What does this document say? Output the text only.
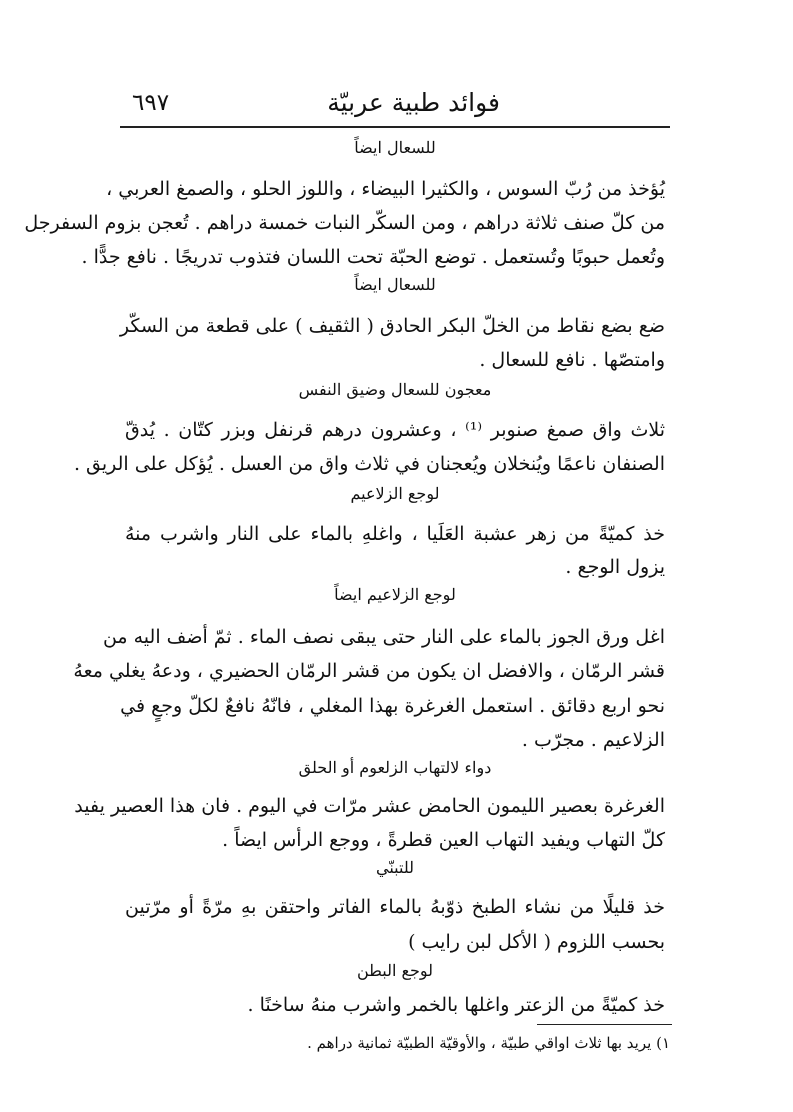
فوائد طبية عربيّة
٦٩٧
للسعال ايضاً
يُؤخذ من رُبّ السوس ، والكثيرا البيضاء ، واللوز الحلو ، والصمغ العربي ،
من كلّ صنف ثلاثة دراهم ، ومن السكّر النبات خمسة دراهم . تُعجن بزوم السفرجل
وتُعمل حبوبًا وتُستعمل . توضع الحبّة تحت اللسان فتذوب تدريجًا . نافع جدًّا .
للسعال ايضاً
ضع بضع نقاط من الخلّ البكر الحادق ( الثقيف ) على قطعة من السكّر
وامتصّها . نافع للسعال .
معجون للسعال وضيق النفس
ثلاث واق صمغ صنوبر ⁽¹⁾ ، وعشرون درهم قرنفل وبزر كتّان . يُدقّ
الصنفان ناعمًا ويُنخلان ويُعجنان في ثلاث واق من العسل . يُؤكل على الريق .
لوجع الزلاعيم
خذ كميّةً من زهر عشبة العَلَيا ، واغلهِ بالماء على النار واشرب منهُ
يزول الوجع .
لوجع الزلاعيم ايضاً
اغل ورق الجوز بالماء على النار حتى يبقى نصف الماء . ثمّ أضف اليه من
قشر الرمّان ، والافضل ان يكون من قشر الرمّان الحضيري ، ودعهُ يغلي معهُ
نحو اربع دقائق . استعمل الغرغرة بهذا المغلي ، فانّهُ نافعٌ لكلّ وجعٍ في
الزلاعيم . مجرّب .
دواء لالتهاب الزلعوم أو الحلق
الغرغرة بعصير الليمون الحامض عشر مرّات في اليوم . فان هذا العصير يفيد
كلّ التهاب ويفيد التهاب العين قطرةً ، ووجع الرأس ايضاً .
للتبنّي
خذ قليلًا من نشاء الطبخ ذوّبهُ بالماء الفاتر واحتقن بهِ مرّةً أو مرّتين
بحسب اللزوم ( الأكل لبن رايب )
لوجع البطن
خذ كميّةً من الزعتر واغلها بالخمر واشرب منهُ ساخنًا .
١) يريد بها ثلاث اواقي طبيّة ، والأوقيّة الطبيّة ثمانية دراهم .
